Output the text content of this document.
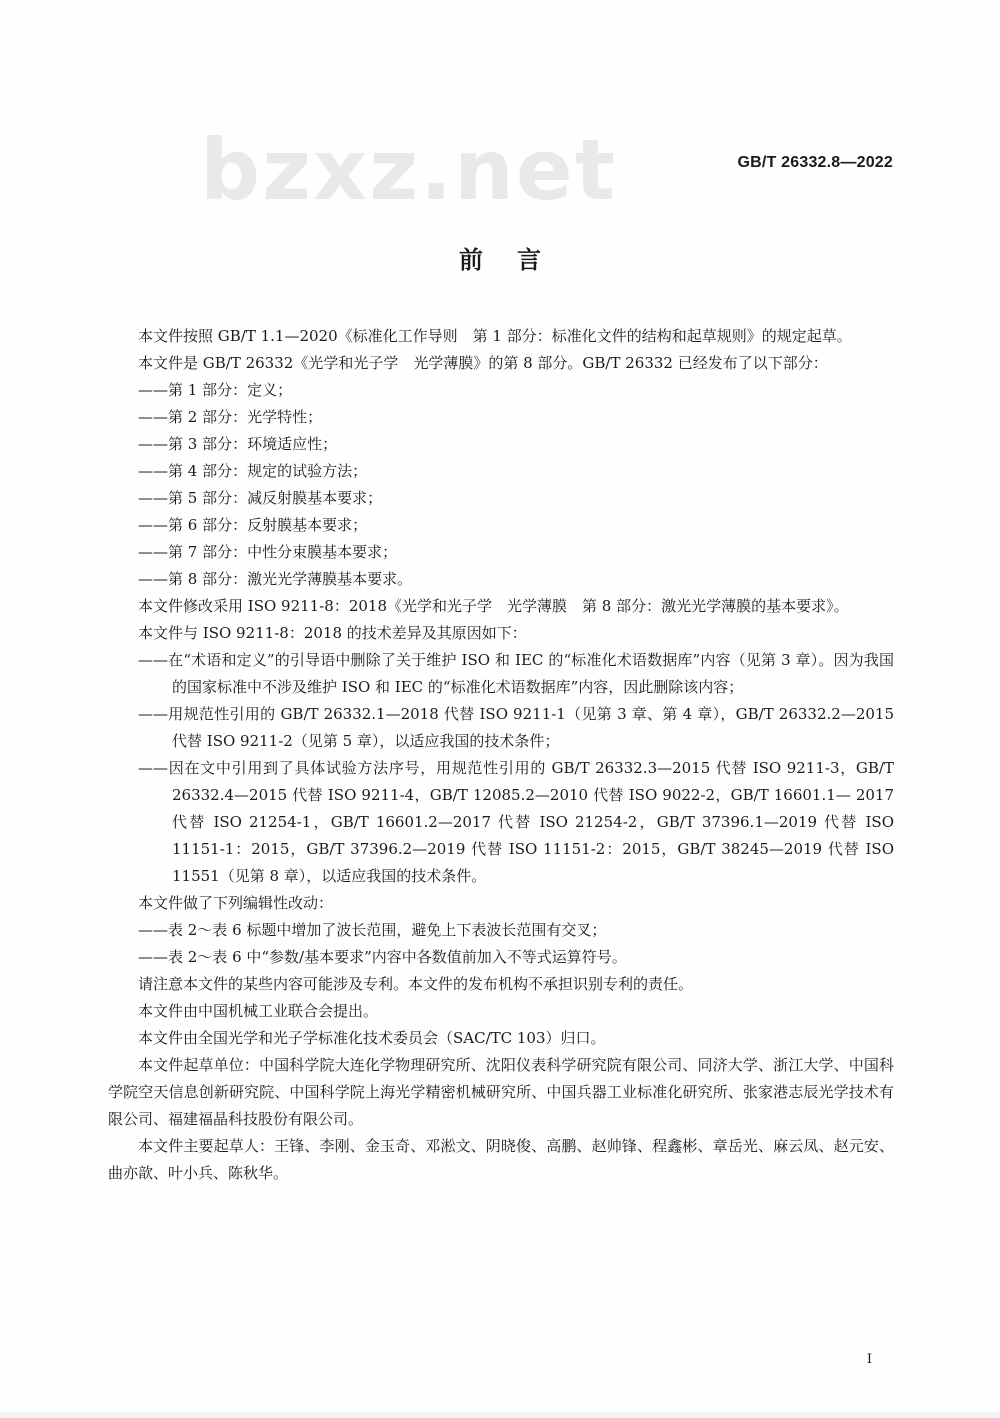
bzxz.net	GB/T 26332.8—2022
前言

本文件按照 GB/T 1.1—2020《标准化工作导则　第 1 部分：标准化文件的结构和起草规则》的规定起草。

本文件是 GB/T 26332《光学和光子学　光学薄膜》的第 8 部分。GB/T 26332 已经发布了以下部分：

——第 1 部分：定义；

——第 2 部分：光学特性；

——第 3 部分：环境适应性；

——第 4 部分：规定的试验方法；

——第 5 部分：减反射膜基本要求；

——第 6 部分：反射膜基本要求；

——第 7 部分：中性分束膜基本要求；

——第 8 部分：激光光学薄膜基本要求。

本文件修改采用 ISO 9211-8：2018《光学和光子学　光学薄膜　第 8 部分：激光光学薄膜的基本要求》。

本文件与 ISO 9211-8：2018 的技术差异及其原因如下：

——在“术语和定义”的引导语中删除了关于维护 ISO 和 IEC 的“标准化术语数据库”内容（见第 3 章）。因为我国的国家标准中不涉及维护 ISO 和 IEC 的“标准化术语数据库”内容，因此删除该内容；

——用规范性引用的 GB/T 26332.1—2018 代替 ISO 9211-1（见第 3 章、第 4 章），GB/T 26332.2—2015代替 ISO 9211-2（见第 5 章），以适应我国的技术条件；

——因在文中引用到了具体试验方法序号，用规范性引用的 GB/T 26332.3—2015 代替 ISO 9211-3，GB/T 26332.4—2015 代替 ISO 9211-4，GB/T 12085.2—2010 代替 ISO 9022-2，GB/T 16601.1— 2017 代替 ISO 21254-1，GB/T 16601.2—2017 代替 ISO 21254-2，GB/T 37396.1—2019 代替 ISO 11151-1：2015，GB/T 37396.2—2019 代替 ISO 11151-2：2015，GB/T 38245—2019 代替 ISO 11551（见第 8 章），以适应我国的技术条件。

本文件做了下列编辑性改动：

——表 2～表 6 标题中增加了波长范围，避免上下表波长范围有交叉；

——表 2～表 6 中“参数/基本要求”内容中各数值前加入不等式运算符号。

请注意本文件的某些内容可能涉及专利。本文件的发布机构不承担识别专利的责任。

本文件由中国机械工业联合会提出。

本文件由全国光学和光子学标准化技术委员会（SAC/TC 103）归口。

本文件起草单位：中国科学院大连化学物理研究所、沈阳仪表科学研究院有限公司、同济大学、浙江大学、中国科学院空天信息创新研究院、中国科学院上海光学精密机械研究所、中国兵器工业标准化研究所、张家港志辰光学技术有限公司、福建福晶科技股份有限公司。

本文件主要起草人：王锋、李刚、金玉奇、邓淞文、阴晓俊、高鹏、赵帅锋、程鑫彬、章岳光、麻云凤、赵元安、曲亦歆、叶小兵、陈秋华。

I
